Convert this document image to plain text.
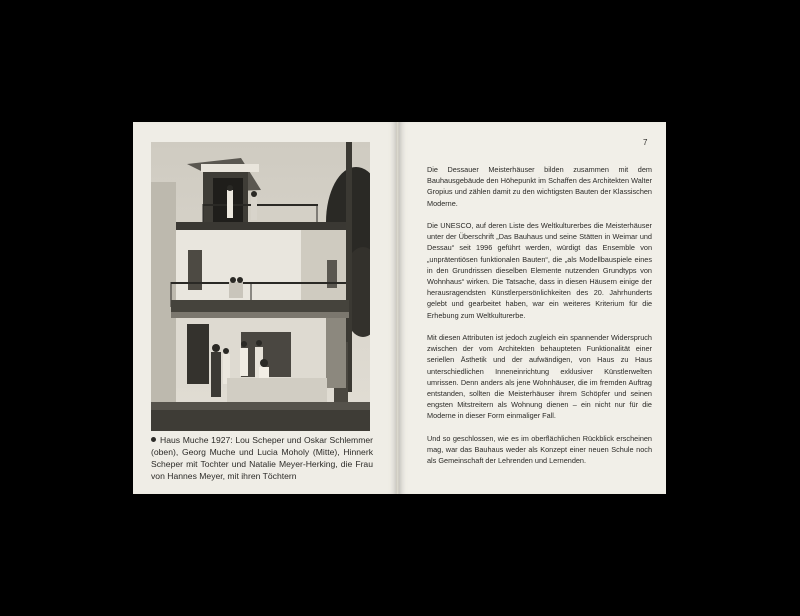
Haus Muche 1927: Lou Scheper und Oskar Schlemmer (oben), Georg Muche und Lucia Moholy (Mitte), Hinnerk Scheper mit Tochter und Natalie Meyer-Herking, die Frau von Hannes Meyer, mit ihren Töchtern
7

Die Dessauer Meisterhäuser bilden zusammen mit dem Bauhausgebäude den Höhepunkt im Schaffen des Architekten Walter Gropius und zählen damit zu den wichtigsten Bauten der Klassischen Moderne.

Die UNESCO, auf deren Liste des Weltkulturerbes die Meisterhäuser unter der Überschrift „Das Bauhaus und seine Stätten in Weimar und Dessau“ seit 1996 geführt werden, würdigt das Ensemble von „unprätentiösen funktionalen Bauten“, die „als Modellbauspiele eines in den Grundrissen dieselben Elemente nutzenden Grundtyps von Wohnhaus“ wirken. Die Tatsache, dass in diesen Häusern einige der herausragendsten Künstlerpersönlichkeiten des 20. Jahrhunderts gelebt und gearbeitet haben, war ein weiteres Kriterium für die Erhebung zum Weltkulturerbe.

Mit diesen Attributen ist jedoch zugleich ein spannender Widerspruch zwischen der vom Architekten behaupteten Funktionalität einer seriellen Ästhetik und der aufwändigen, von Haus zu Haus unterschiedlichen Inneneinrichtung exklusiver Künstlerwelten umrissen. Denn anders als jene Wohnhäuser, die im fremden Auftrag entstanden, sollten die Meisterhäuser ihrem Schöpfer und seinen engsten Mitstreitern als Wohnung dienen – ein nicht nur für die Moderne in dieser Form einmaliger Fall.

Und so geschlossen, wie es im oberflächlichen Rückblick erscheinen mag, war das Bauhaus weder als Konzept einer neuen Schule noch als Gemeinschaft der Lehrenden und Lernenden.
